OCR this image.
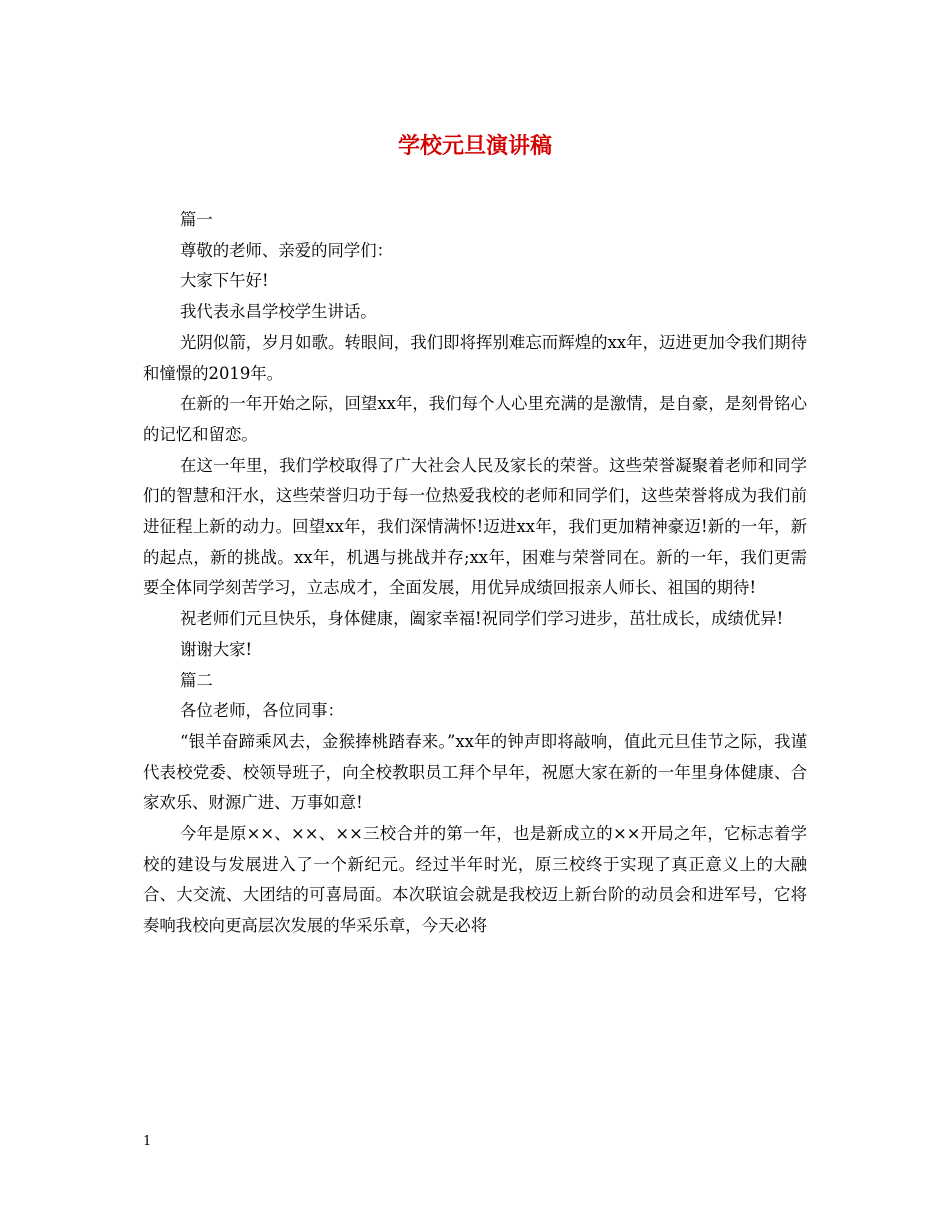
学校元旦演讲稿

篇一

尊敬的老师、亲爱的同学们：

大家下午好!

我代表永昌学校学生讲话。

光阴似箭，岁月如歌。转眼间，我们即将挥别难忘而辉煌的xx年，迈进更加令我们期待和憧憬的2019年。

在新的一年开始之际，回望xx年，我们每个人心里充满的是激情，是自豪，是刻骨铭心的记忆和留恋。

在这一年里，我们学校取得了广大社会人民及家长的荣誉。这些荣誉凝聚着老师和同学们的智慧和汗水，这些荣誉归功于每一位热爱我校的老师和同学们，这些荣誉将成为我们前进征程上新的动力。回望xx年，我们深情满怀!迈进xx年，我们更加精神豪迈!新的一年，新的起点，新的挑战。xx年，机遇与挑战并存;xx年，困难与荣誉同在。新的一年，我们更需要全体同学刻苦学习，立志成才，全面发展，用优异成绩回报亲人师长、祖国的期待!

祝老师们元旦快乐，身体健康，阖家幸福!祝同学们学习进步，茁壮成长，成绩优异!

谢谢大家!

篇二

各位老师，各位同事：

“银羊奋蹄乘风去，金猴捧桃踏春来。”xx年的钟声即将敲响，值此元旦佳节之际，我谨代表校党委、校领导班子，向全校教职员工拜个早年，祝愿大家在新的一年里身体健康、合家欢乐、财源广进、万事如意!

今年是原××、××、××三校合并的第一年，也是新成立的××开局之年，它标志着学校的建设与发展进入了一个新纪元。经过半年时光，原三校终于实现了真正意义上的大融合、大交流、大团结的可喜局面。本次联谊会就是我校迈上新台阶的动员会和进军号，它将奏响我校向更高层次发展的华采乐章，今天必将

1
